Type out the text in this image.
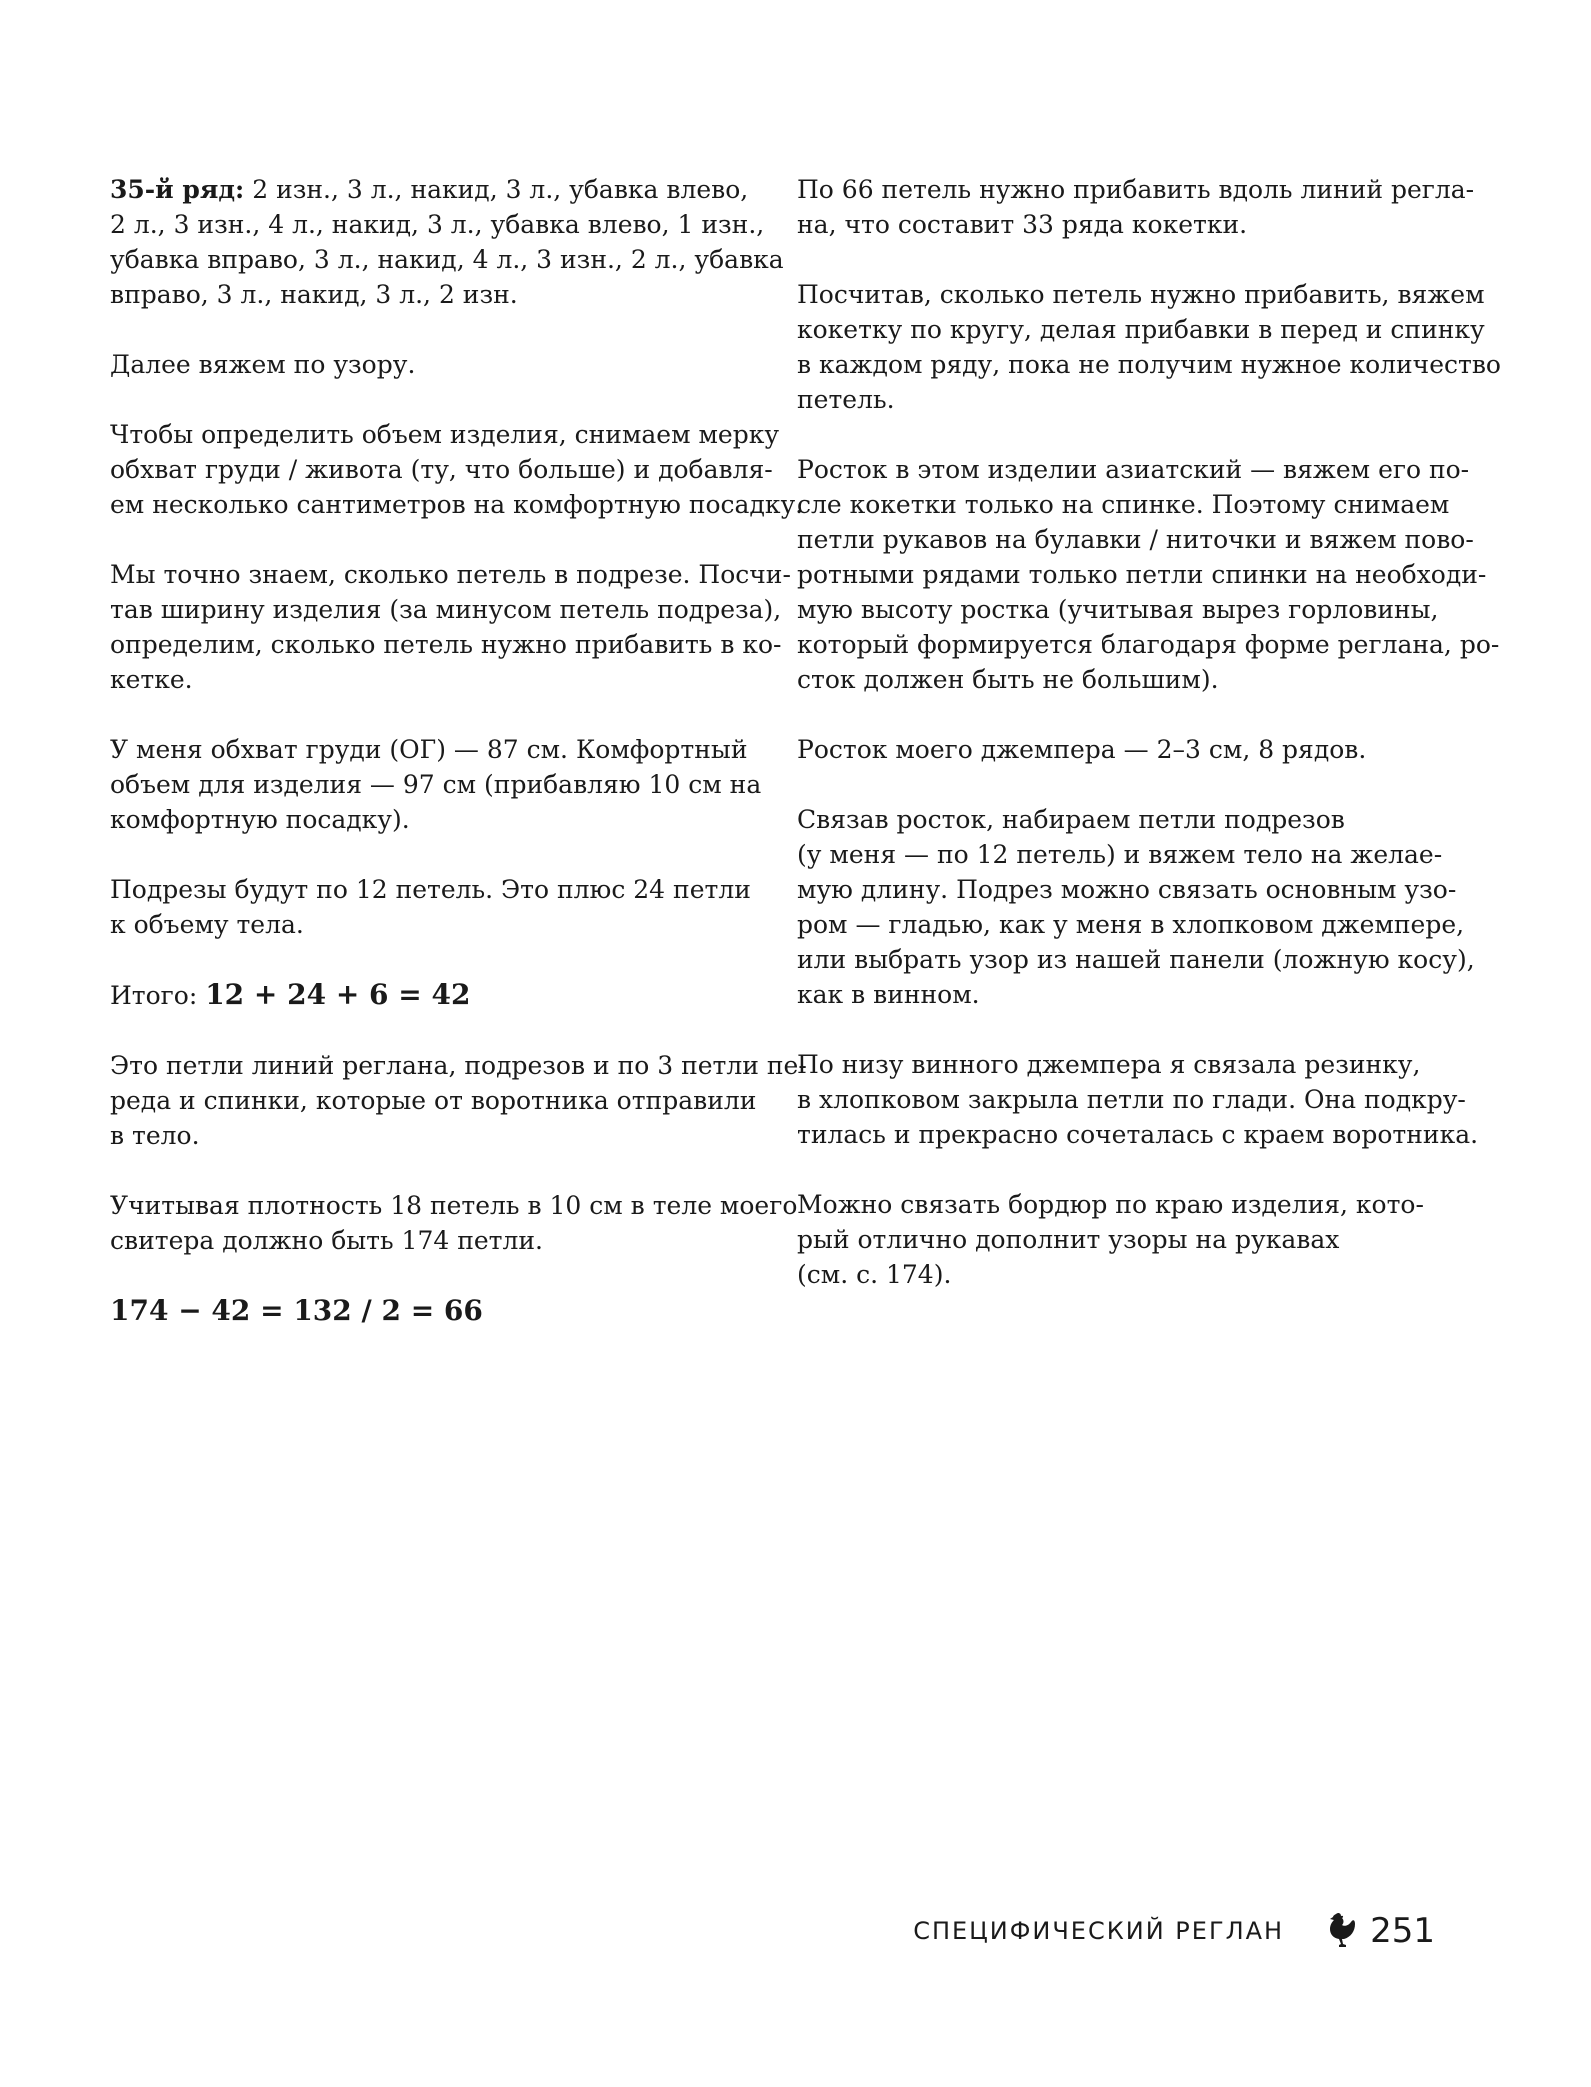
35-й ряд: 2 изн., 3 л., накид, 3 л., убавка влево,
2 л., 3 изн., 4 л., накид, 3 л., убавка влево, 1 изн.,
убавка вправо, 3 л., накид, 4 л., 3 изн., 2 л., убавка
вправо, 3 л., накид, 3 л., 2 изн.

Далее вяжем по узору.

Чтобы определить объем изделия, снимаем мерку
обхват груди / живота (ту, что больше) и добавля-
ем несколько сантиметров на комфортную посадку.

Мы точно знаем, сколько петель в подрезе. Посчи-
тав ширину изделия (за минусом петель подреза),
определим, сколько петель нужно прибавить в ко-
кетке.

У меня обхват груди (ОГ) — 87 см. Комфортный
объем для изделия — 97 см (прибавляю 10 см на
комфортную посадку).

Подрезы будут по 12 петель. Это плюс 24 петли
к объему тела.

Итого: 12 + 24 + 6 = 42

Это петли линий реглана, подрезов и по 3 петли пе-
реда и спинки, которые от воротника отправили
в тело.

Учитывая плотность 18 петель в 10 см в теле моего
свитера должно быть 174 петли.

174 − 42 = 132 / 2 = 66

По 66 петель нужно прибавить вдоль линий регла-
на, что составит 33 ряда кокетки.

Посчитав, сколько петель нужно прибавить, вяжем
кокетку по кругу, делая прибавки в перед и спинку
в каждом ряду, пока не получим нужное количество
петель.

Росток в этом изделии азиатский — вяжем его по-
сле кокетки только на спинке. Поэтому снимаем
петли рукавов на булавки / ниточки и вяжем пово-
ротными рядами только петли спинки на необходи-
мую высоту ростка (учитывая вырез горловины,
который формируется благодаря форме реглана, ро-
сток должен быть не большим).

Росток моего джемпера — 2–3 см, 8 рядов.

Связав росток, набираем петли подрезов
(у меня — по 12 петель) и вяжем тело на желае-
мую длину. Подрез можно связать основным узо-
ром — гладью, как у меня в хлопковом джемпере,
или выбрать узор из нашей панели (ложную косу),
как в винном.

По низу винного джемпера я связала резинку,
в хлопковом закрыла петли по глади. Она подкру-
тилась и прекрасно сочеталась с краем воротника.

Можно связать бордюр по краю изделия, кото-
рый отлично дополнит узоры на рукавах
(см. с. 174).

СПЕЦИФИЧЕСКИЙ РЕГЛАН	251
